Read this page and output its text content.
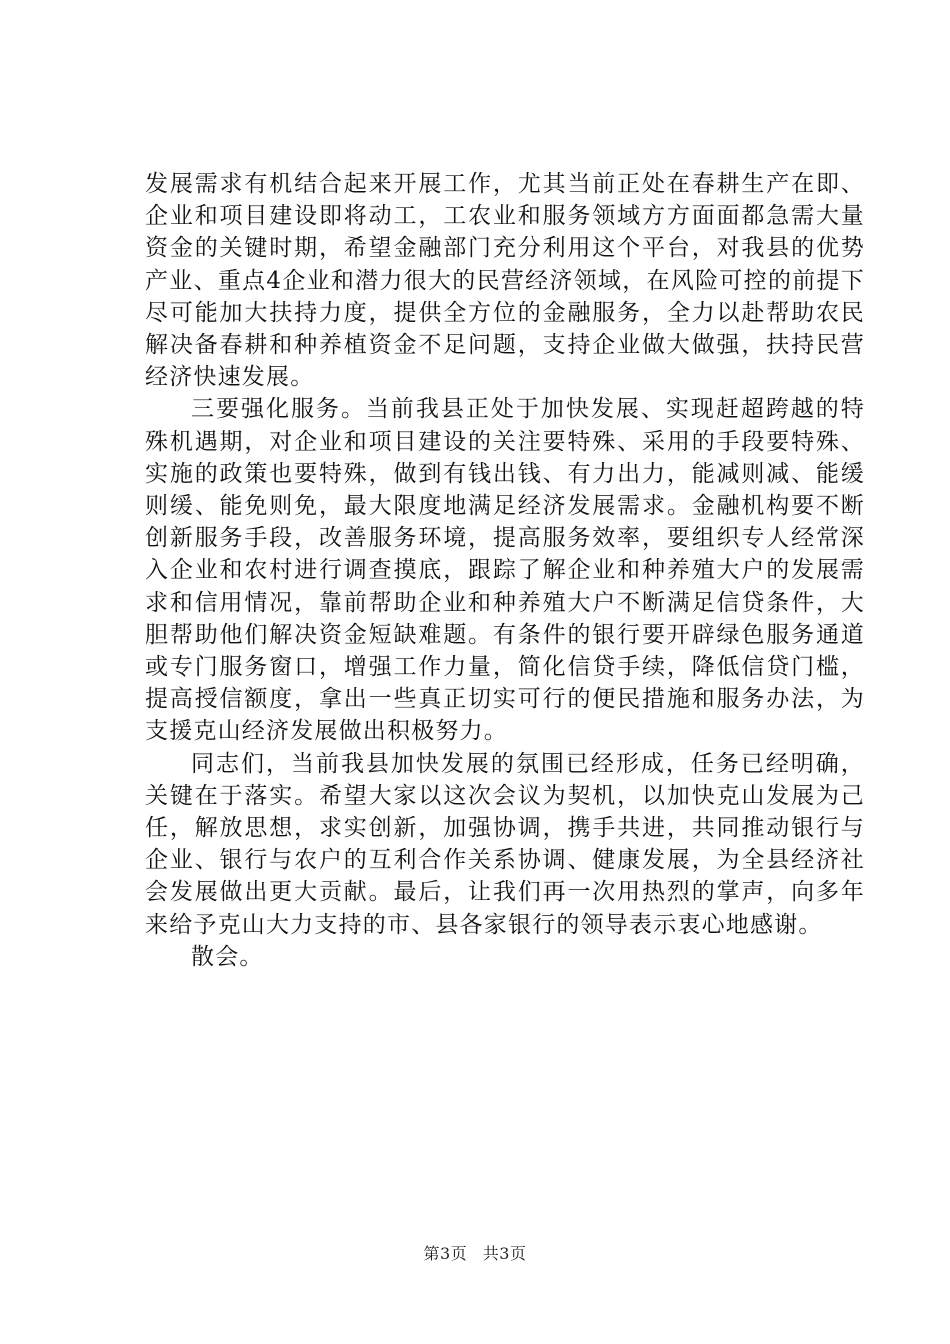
发展需求有机结合起来开展工作，尤其当前正处在春耕生产在即、企业和项目建设即将动工，工农业和服务领域方方面面都急需大量资金的关键时期，希望金融部门充分利用这个平台，对我县的优势产业、重点4企业和潜力很大的民营经济领域，在风险可控的前提下尽可能加大扶持力度，提供全方位的金融服务，全力以赴帮助农民解决备春耕和种养植资金不足问题，支持企业做大做强，扶持民营经济快速发展。

三要强化服务。当前我县正处于加快发展、实现赶超跨越的特殊机遇期，对企业和项目建设的关注要特殊、采用的手段要特殊、实施的政策也要特殊，做到有钱出钱、有力出力，能减则减、能缓则缓、能免则免，最大限度地满足经济发展需求。金融机构要不断创新服务手段，改善服务环境，提高服务效率，要组织专人经常深入企业和农村进行调查摸底，跟踪了解企业和种养殖大户的发展需求和信用情况，靠前帮助企业和种养殖大户不断满足信贷条件，大胆帮助他们解决资金短缺难题。有条件的银行要开辟绿色服务通道或专门服务窗口，增强工作力量，简化信贷手续，降低信贷门槛，提高授信额度，拿出一些真正切实可行的便民措施和服务办法，为支援克山经济发展做出积极努力。

同志们，当前我县加快发展的氛围已经形成，任务已经明确，关键在于落实。希望大家以这次会议为契机，以加快克山发展为己任，解放思想，求实创新，加强协调，携手共进，共同推动银行与企业、银行与农户的互利合作关系协调、健康发展，为全县经济社会发展做出更大贡献。最后，让我们再一次用热烈的掌声，向多年来给予克山大力支持的市、县各家银行的领导表示衷心地感谢。

散会。

第3页 共3页
